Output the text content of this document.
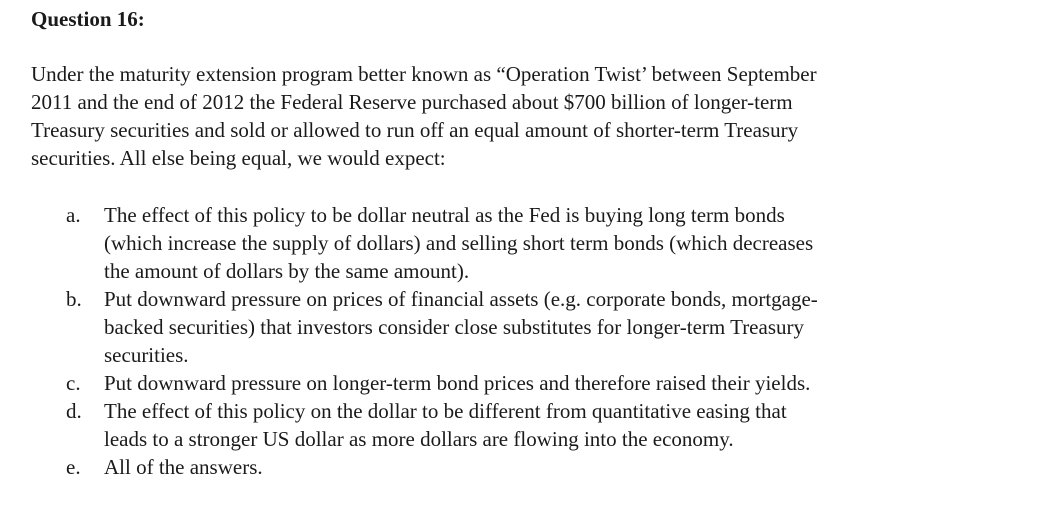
Question 16:
Under the maturity extension program better known as “Operation Twist’ between September
2011 and the end of 2012 the Federal Reserve purchased about $700 billion of longer-term
Treasury securities and sold or allowed to run off an equal amount of shorter-term Treasury
securities. All else being equal, we would expect:
a. The effect of this policy to be dollar neutral as the Fed is buying long term bonds
(which increase the supply of dollars) and selling short term bonds (which decreases
the amount of dollars by the same amount).
b. Put downward pressure on prices of financial assets (e.g. corporate bonds, mortgage-
backed securities) that investors consider close substitutes for longer-term Treasury
securities.
c. Put downward pressure on longer-term bond prices and therefore raised their yields.
d. The effect of this policy on the dollar to be different from quantitative easing that
leads to a stronger US dollar as more dollars are flowing into the economy.
e. All of the answers.
